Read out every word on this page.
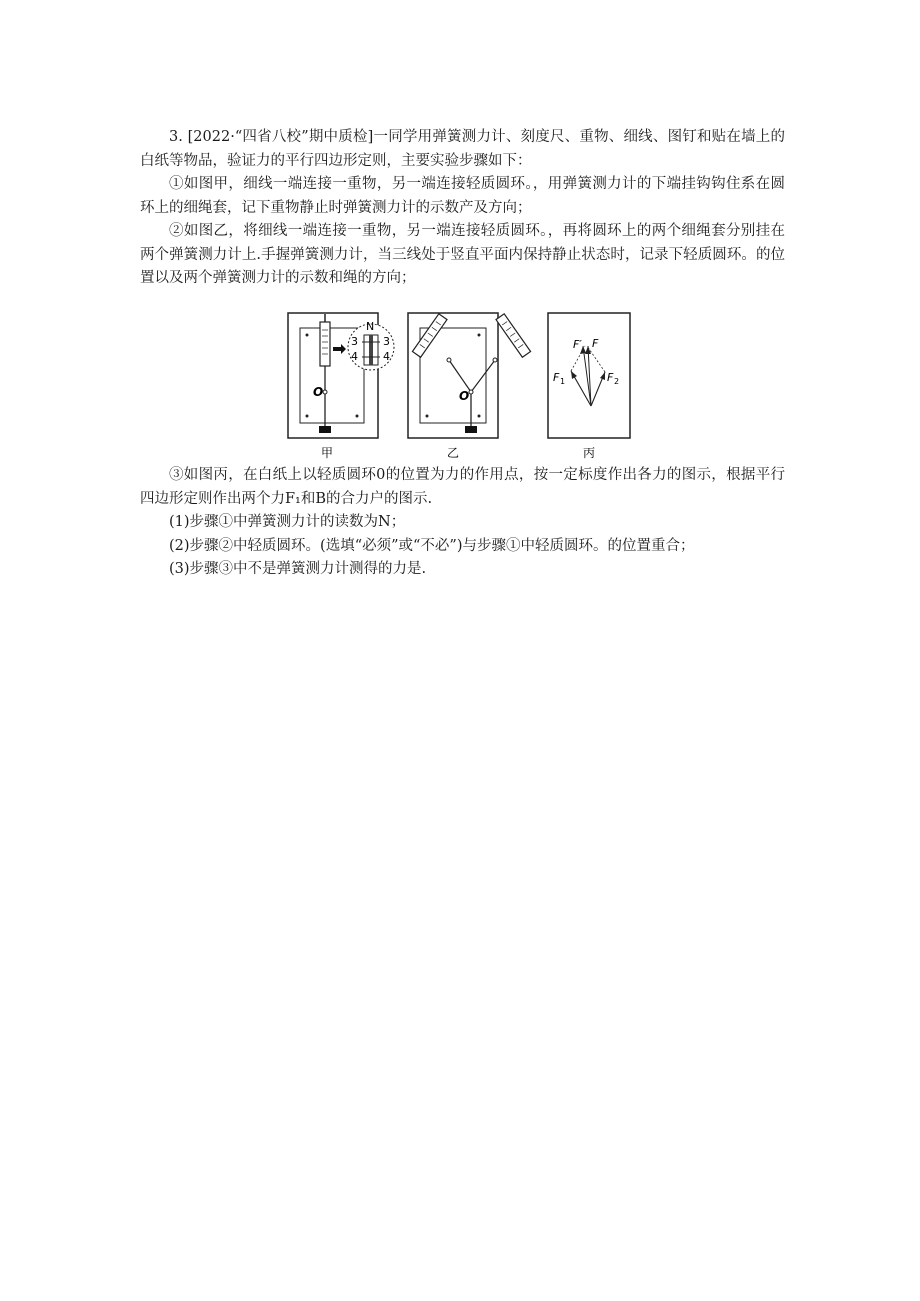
3. [2022·“四省八校”期中质检]一同学用弹簧测力计、刻度尺、重物、细线、图钉和贴在墙上的白纸等物品，验证力的平行四边形定则，主要实验步骤如下：

①如图甲，细线一端连接一重物，另一端连接轻质圆环。，用弹簧测力计的下端挂钩钩住系在圆环上的细绳套，记下重物静止时弹簧测力计的示数产及方向；

②如图乙，将细线一端连接一重物，另一端连接轻质圆环。，再将圆环上的两个细绳套分别挂在两个弹簧测力计上.手握弹簧测力计，当三线处于竖直平面内保持静止状态时，记录下轻质圆环。的位置以及两个弹簧测力计的示数和绳的方向；

O
N
3
4
3
4
甲
O
乙
F′ F
F 1	F 2
丙

③如图丙，在白纸上以轻质圆环0的位置为力的作用点，按一定标度作出各力的图示，根据平行四边形定则作出两个力F₁和B的合力户的图示.

(1)步骤①中弹簧测力计的读数为N；

(2)步骤②中轻质圆环。(选填“必须”或“不必”)与步骤①中轻质圆环。的位置重合；

(3)步骤③中不是弹簧测力计测得的力是.
